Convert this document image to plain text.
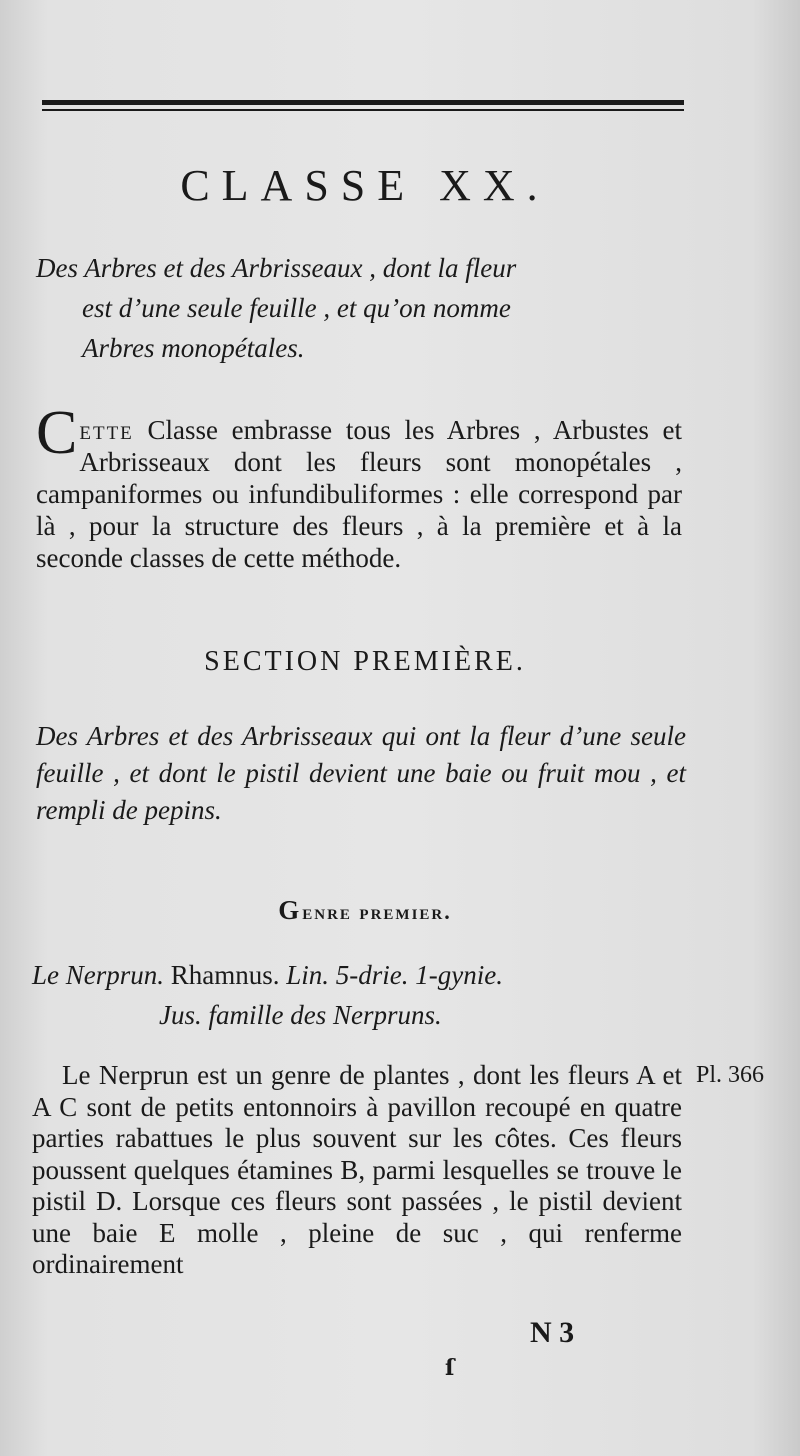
CLASSE XX.
Des Arbres et des Arbrisseaux , dont la fleur

est d’une seule feuille , et qu’on nomme
Arbres monopétales.
Cette Classe embrasse tous les Arbres , Arbustes et Arbrisseaux dont les fleurs sont monopétales , campaniformes ou infundibuliformes : elle correspond par là , pour la structure des fleurs , à la première et à la seconde classes de cette méthode.
SECTION PREMIÈRE.
Des Arbres et des Arbrisseaux qui ont la fleur d’une seule feuille , et dont le pistil devient une baie ou fruit mou , et rempli de pepins.
Genre premier.
Le Nerprun. Rhamnus. Lin. 5-drie. 1-gynie.
Jus. famille des Nerpruns.
Le Nerprun est un genre de plantes , dont les fleurs A et A C sont de petits entonnoirs à pavillon recoupé en quatre parties rabattues le plus souvent sur les côtes. Ces fleurs poussent quelques étamines B, parmi lesquelles se trouve le pistil D. Lorsque ces fleurs sont passées , le pistil devient une baie E molle , pleine de suc , qui renferme ordinairement
Pl. 366
N 3
ſ
